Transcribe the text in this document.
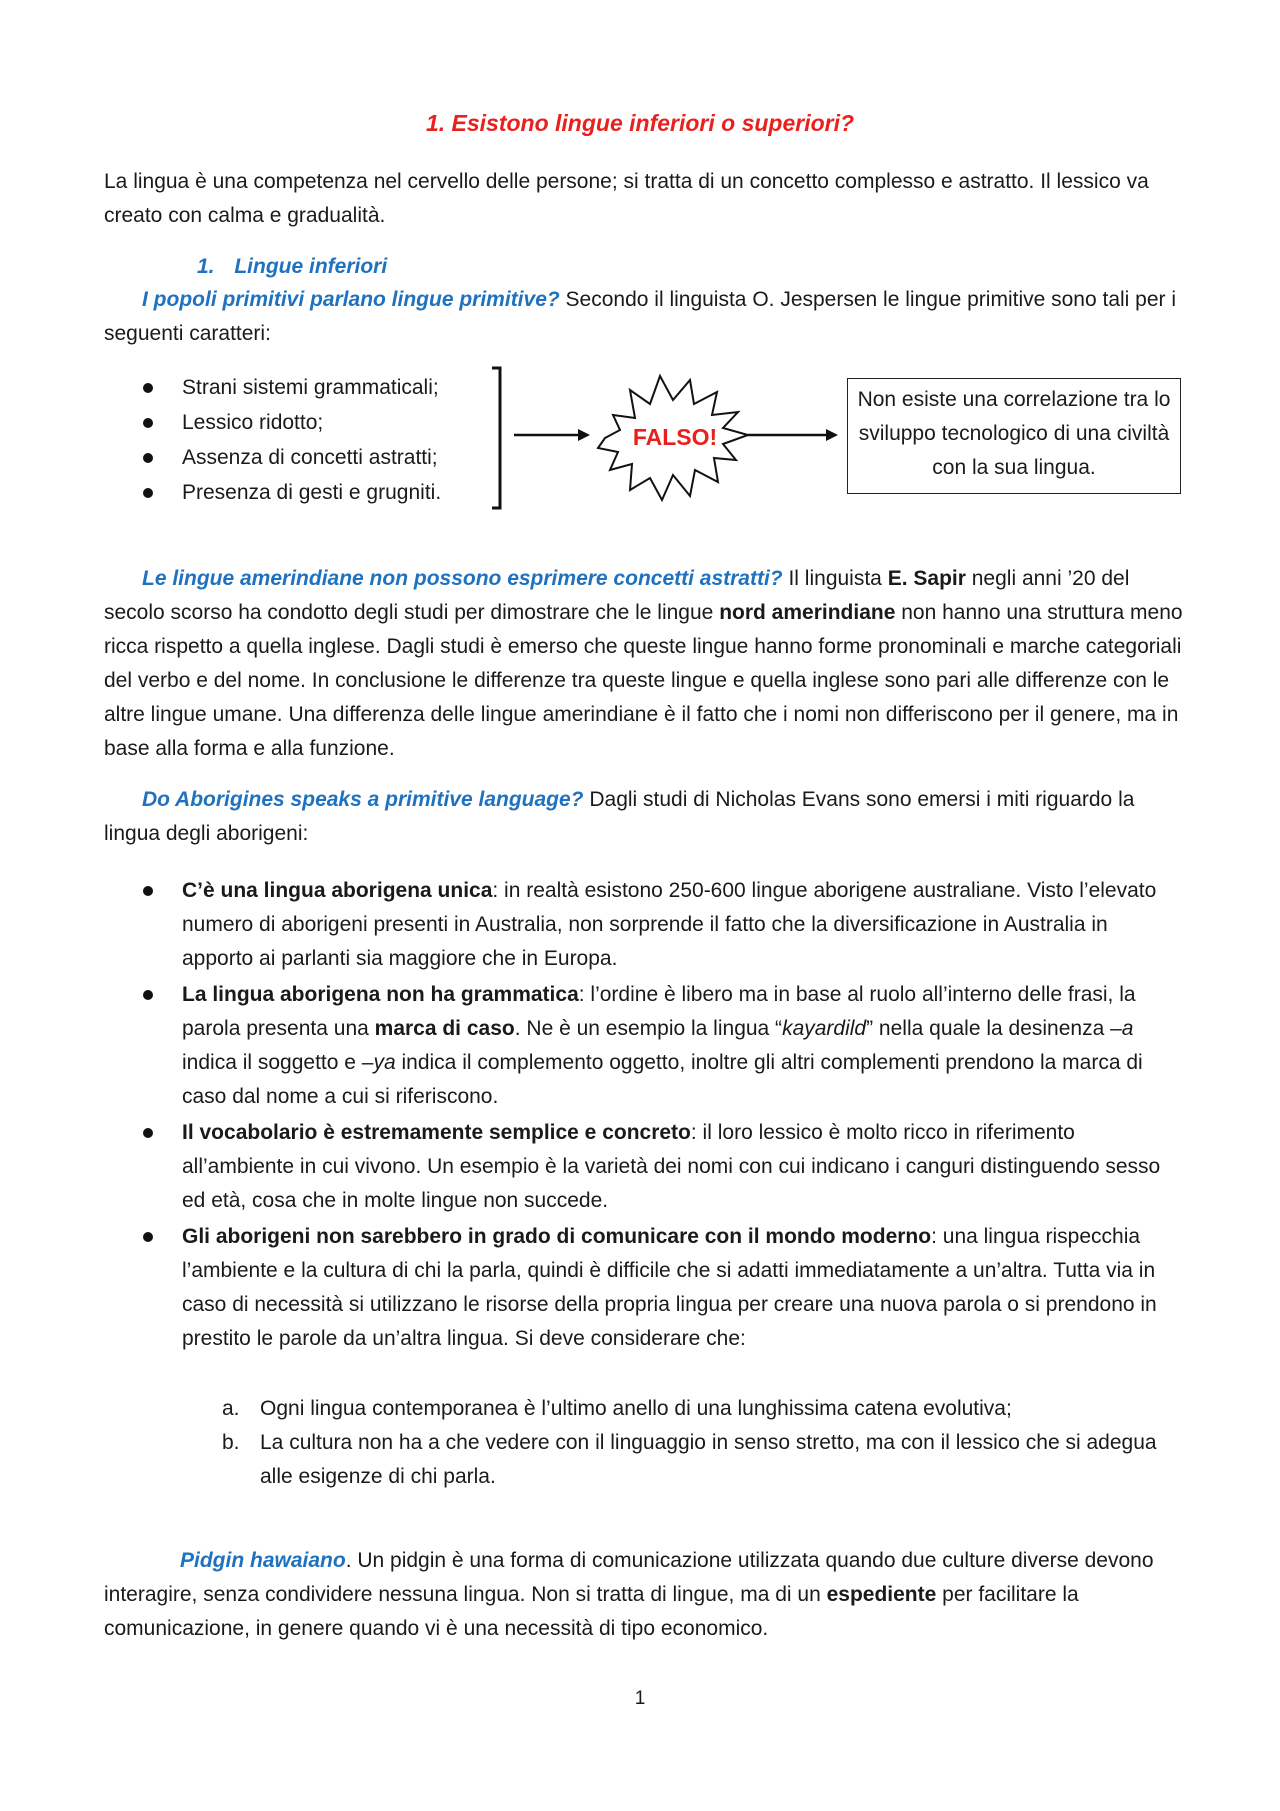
1. Esistono lingue inferiori o superiori?

La lingua è una competenza nel cervello delle persone; si tratta di un concetto complesso e astratto. Il lessico va creato con calma e gradualità.

1. Lingue inferiori

I popoli primitivi parlano lingue primitive? Secondo il linguista O. Jespersen le lingue primitive sono tali per i seguenti caratteri:

Strani sistemi grammaticali;
Lessico ridotto;
Assenza di concetti astratti;
Presenza di gesti e grugniti.
FALSO!
Non esiste una correlazione tra lo sviluppo tecnologico di una civiltà con la sua lingua.

Le lingue amerindiane non possono esprimere concetti astratti? Il linguista E. Sapir negli anni ’20 del secolo scorso ha condotto degli studi per dimostrare che le lingue nord amerindiane non hanno una struttura meno ricca rispetto a quella inglese. Dagli studi è emerso che queste lingue hanno forme pronominali e marche categoriali del verbo e del nome. In conclusione le differenze tra queste lingue e quella inglese sono pari alle differenze con le altre lingue umane. Una differenza delle lingue amerindiane è il fatto che i nomi non differiscono per il genere, ma in base alla forma e alla funzione.

Do Aborigines speaks a primitive language? Dagli studi di Nicholas Evans sono emersi i miti riguardo la lingua degli aborigeni:

C’è una lingua aborigena unica: in realtà esistono 250-600 lingue aborigene australiane. Visto l’elevato numero di aborigeni presenti in Australia, non sorprende il fatto che la diversificazione in Australia in apporto ai parlanti sia maggiore che in Europa.

La lingua aborigena non ha grammatica: l’ordine è libero ma in base al ruolo all’interno delle frasi, la parola presenta una marca di caso. Ne è un esempio la lingua “kayardild” nella quale la desinenza –a indica il soggetto e –ya indica il complemento oggetto, inoltre gli altri complementi prendono la marca di caso dal nome a cui si riferiscono.

Il vocabolario è estremamente semplice e concreto: il loro lessico è molto ricco in riferimento all’ambiente in cui vivono. Un esempio è la varietà dei nomi con cui indicano i canguri distinguendo sesso ed età, cosa che in molte lingue non succede.

Gli aborigeni non sarebbero in grado di comunicare con il mondo moderno: una lingua rispecchia l’ambiente e la cultura di chi la parla, quindi è difficile che si adatti immediatamente a un’altra. Tutta via in caso di necessità si utilizzano le risorse della propria lingua per creare una nuova parola o si prendono in prestito le parole da un’altra lingua. Si deve considerare che:

a. Ogni lingua contemporanea è l’ultimo anello di una lunghissima catena evolutiva;

b. La cultura non ha a che vedere con il linguaggio in senso stretto, ma con il lessico che si adegua alle esigenze di chi parla.

Pidgin hawaiano. Un pidgin è una forma di comunicazione utilizzata quando due culture diverse devono interagire, senza condividere nessuna lingua. Non si tratta di lingue, ma di un espediente per facilitare la comunicazione, in genere quando vi è una necessità di tipo economico.

1
